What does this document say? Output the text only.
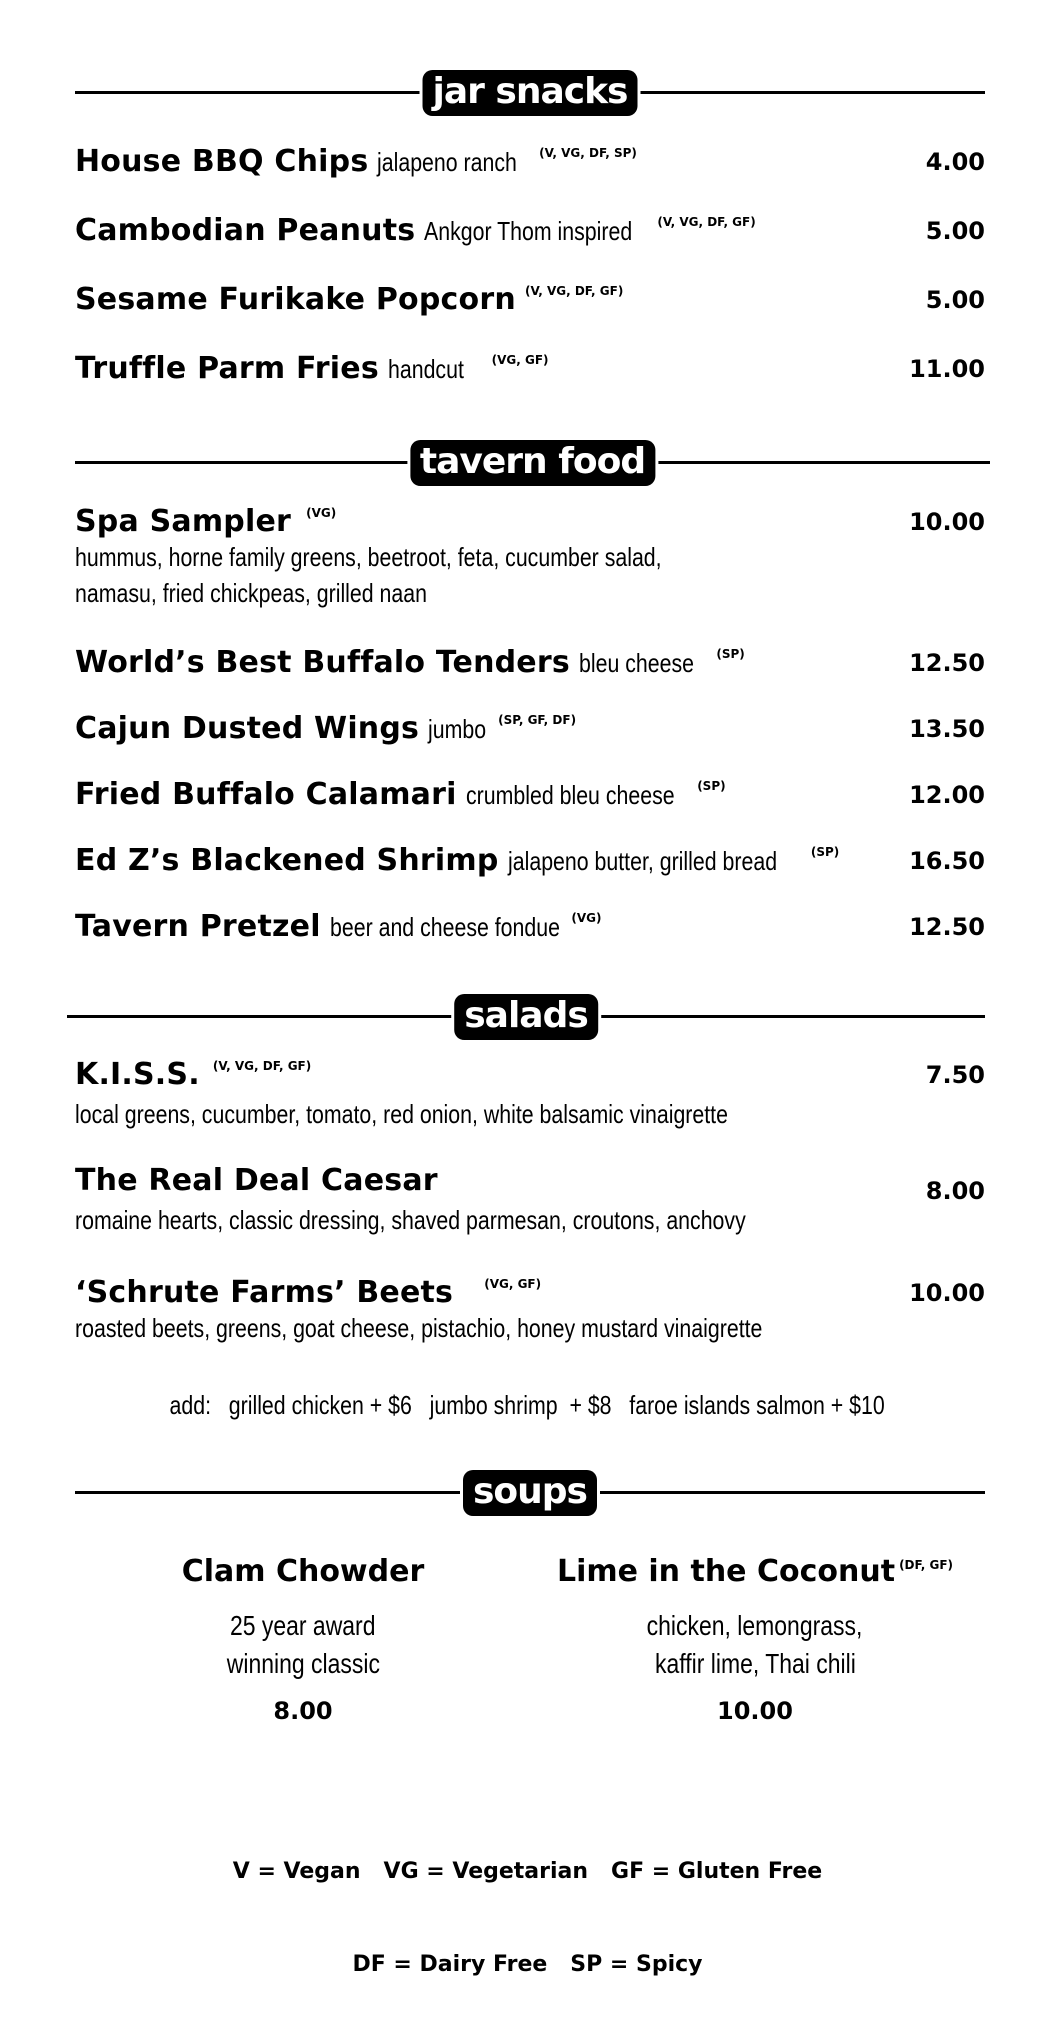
jar snacks
House BBQ Chips jalapeno ranch $^{(V, VG, DF, SP)}$	4.00
Cambodian Peanuts Ankgor Thom inspired $^{(V, VG, DF, GF)}$	5.00
Sesame Furikake Popcorn $^{(V, VG, DF, GF)}$	5.00
Truffle Parm Fries handcut $^{(VG, GF)}$	11.00
tavern food
Spa Sampler $^{(VG)}$	10.00
hummus, horne family greens, beetroot, feta, cucumber salad,
namasu, fried chickpeas, grilled naan
World’s Best Buffalo Tenders bleu cheese $^{(SP)}$	12.50
Cajun Dusted Wings jumbo $^{(SP, GF, DF)}$	13.50
Fried Buffalo Calamari crumbled bleu cheese $^{(SP)}$	12.00
Ed Z’s Blackened Shrimp jalapeno butter, grilled bread	$^{(SP)}$	16.50
Tavern Pretzel beer and cheese fondue $^{(VG)}$	12.50
salads
K.I.S.S. $^{(V, VG, DF, GF)}$	7.50
local greens, cucumber, tomato, red onion, white balsamic vinaigrette
The Real Deal Caesar	8.00
romaine hearts, classic dressing, shaved parmesan, croutons, anchovy
‘Schrute Farms’ Beets	$^{(VG, GF)}$	10.00
roasted beets, greens, goat cheese, pistachio, honey mustard vinaigrette
add:   grilled chicken + $6   jumbo shrimp  + $8   faroe islands salmon + $10
soups
Clam Chowder
25 year award
winning classic
8.00
Lime in the Coconut $^{(DF, GF)}$
chicken, lemongrass,
kaffir lime, Thai chili
10.00

V = Vegan   VG = Vegetarian   GF = Gluten Free

DF = Dairy Free   SP = Spicy
